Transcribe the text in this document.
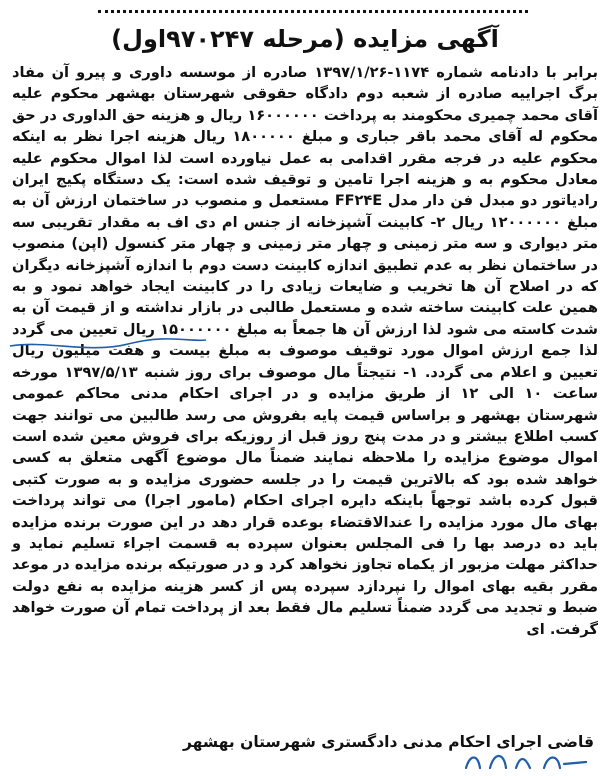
آگهی مزایده (مرحله ۹۷۰۲۴۷اول)
برابر با دادنامه شماره ۱۱۷۴-۱۳۹۷/۱/۲۶ صادره از موسسه داوری و پیرو آن مفاد برگ اجراییه صادره از شعبه دوم دادگاه حقوقی شهرستان بهشهر محکوم علیه آقای محمد چمیری محکومند به پرداخت ۱۶۰۰۰۰۰۰ ریال و هزینه حق الداوری در حق محکوم له آقای محمد باقر جباری و مبلغ ۱۸۰۰۰۰۰ ریال هزینه اجرا نظر به اینکه محکوم علیه در فرجه مقرر اقدامی به عمل نیاورده است لذا اموال محکوم علیه معادل محکوم به و هزینه اجرا تامین و توقیف شده است: یک دستگاه پکیج ایران رادیاتور دو مبدل فن دار مدل FF۲۴E مستعمل و منصوب در ساختمان ارزش آن به مبلغ ۱۲۰۰۰۰۰۰ ریال ۲- کابینت آشپزخانه از جنس ام دی اف به مقدار تقریبی سه متر دیواری و سه متر زمینی و چهار متر زمینی و چهار متر کنسول (اپن) منصوب در ساختمان نظر به عدم تطبیق اندازه کابینت دست دوم با اندازه آشپزخانه دیگران که در اصلاح آن ها تخریب و ضایعات زیادی را در کابینت ایجاد خواهد نمود و به همین علت کابینت ساخته شده و مستعمل طالبی در بازار نداشته و از قیمت آن به شدت کاسته می شود لذا ارزش آن ها جمعاً به مبلغ ۱۵۰۰۰۰۰۰ ریال تعیین می گردد لذا جمع ارزش اموال مورد توقیف موصوف به مبلغ بیست و هفت میلیون ریال تعیین و اعلام می گردد. ۱- نتیجتاً مال موصوف برای روز شنبه ۱۳۹۷/۵/۱۳ مورخه ساعت ۱۰ الی ۱۲ از طریق مزایده و در اجرای احکام مدنی محاکم عمومی شهرستان بهشهر و براساس قیمت پایه بفروش می رسد طالبین می توانند جهت کسب اطلاع بیشتر و در مدت پنج روز قبل از روزیکه برای فروش معین شده است اموال موضوع مزایده را ملاحظه نمایند ضمناً مال موضوع آگهی متعلق به کسی خواهد شده بود که بالاترین قیمت را در جلسه حضوری مزایده و به صورت کتبی قبول کرده باشد توجهاً باینکه دایره اجرای احکام (مامور اجرا) می تواند پرداخت بهای مال مورد مزایده را عندالاقتضاء بوعده قرار دهد در این صورت برنده مزایده باید ده درصد بها را فی المجلس بعنوان سپرده به قسمت اجراء تسلیم نماید و حداکثر مهلت مزبور از یکماه تجاوز نخواهد کرد و در صورتیکه برنده مزایده در موعد مقرر بقیه بهای اموال را نپردازد سپرده پس از کسر هزینه مزایده به نفع دولت ضبط و تجدید می گردد ضمناً تسلیم مال فقط بعد از پرداخت تمام آن صورت خواهد گرفت. ای
قاضی اجرای احکام مدنی دادگستری شهرستان بهشهر
